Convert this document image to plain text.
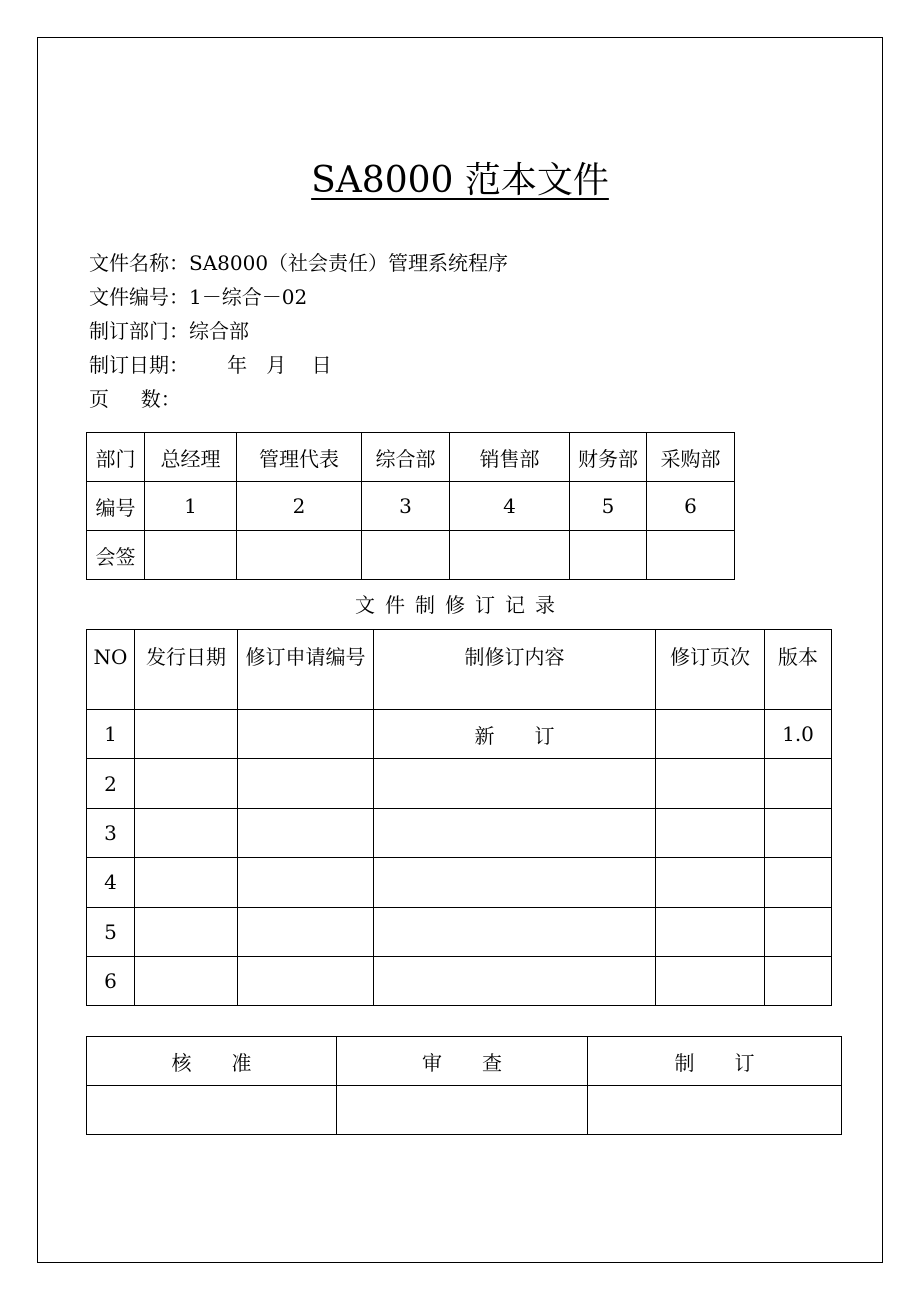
SA8000 范本文件
文件名称：SA8000（社会责任）管理系统程序
文件编号：1－综合－02
制订部门：综合部
制订日期：      年   月    日
页     数：
部门	总经理	管理代表	综合部	销售部	财务部	采购部
编号	1	2	3	4	5	6
会签						
文件制修订记录
NO	发行日期	修订申请编号	制修订内容	修订页次	版本
1			新　　订		1.0
2					
3					
4					
5					
6					
核　　准	审　　查	制　　订
